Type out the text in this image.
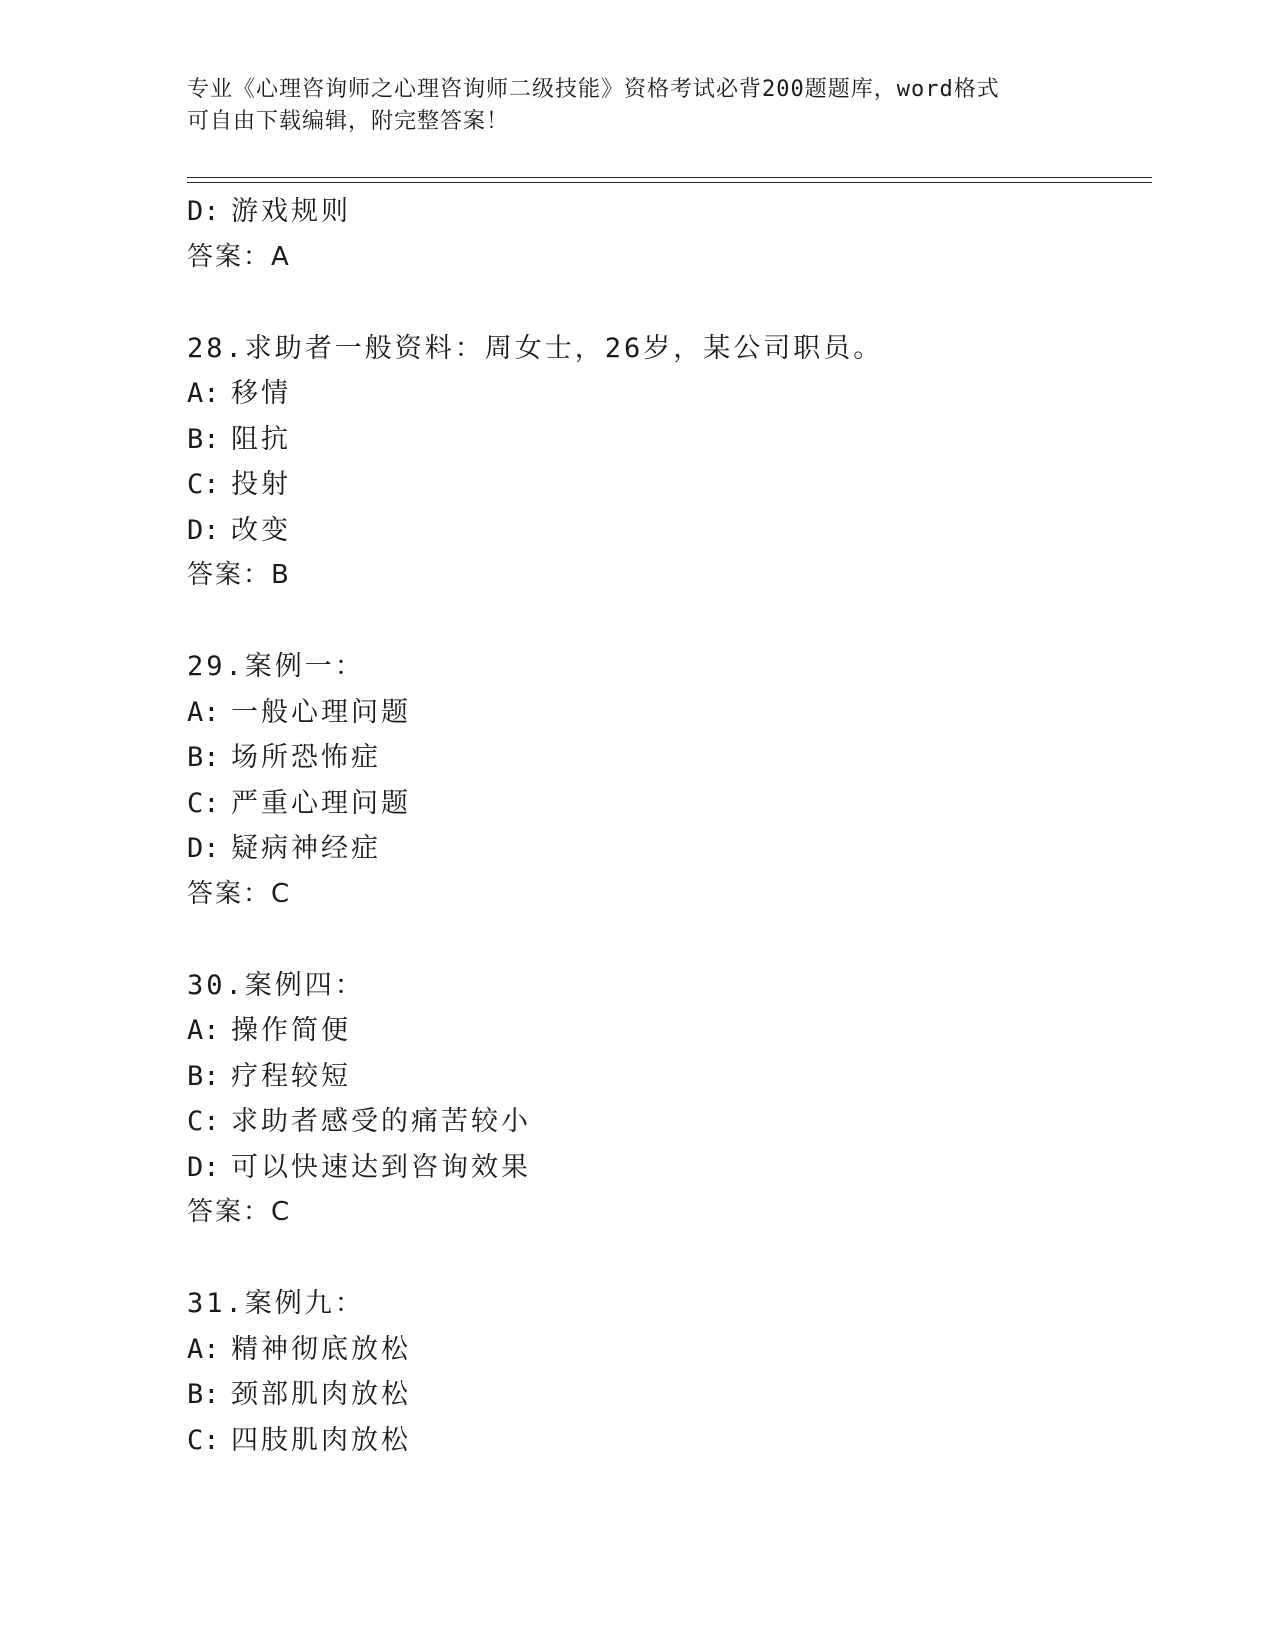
专业《心理咨询师之心理咨询师二级技能》资格考试必背200题题库，word格式
可自由下载编辑，附完整答案！
D: 游戏规则
答案：A
28.求助者一般资料：周女士，26岁，某公司职员。
A: 移情
B: 阻抗
C: 投射
D: 改变
答案：B
29.案例一：
A: 一般心理问题
B: 场所恐怖症
C: 严重心理问题
D: 疑病神经症
答案：C
30.案例四：
A: 操作简便
B: 疗程较短
C: 求助者感受的痛苦较小
D: 可以快速达到咨询效果
答案：C
31.案例九：
A: 精神彻底放松
B: 颈部肌肉放松
C: 四肢肌肉放松
